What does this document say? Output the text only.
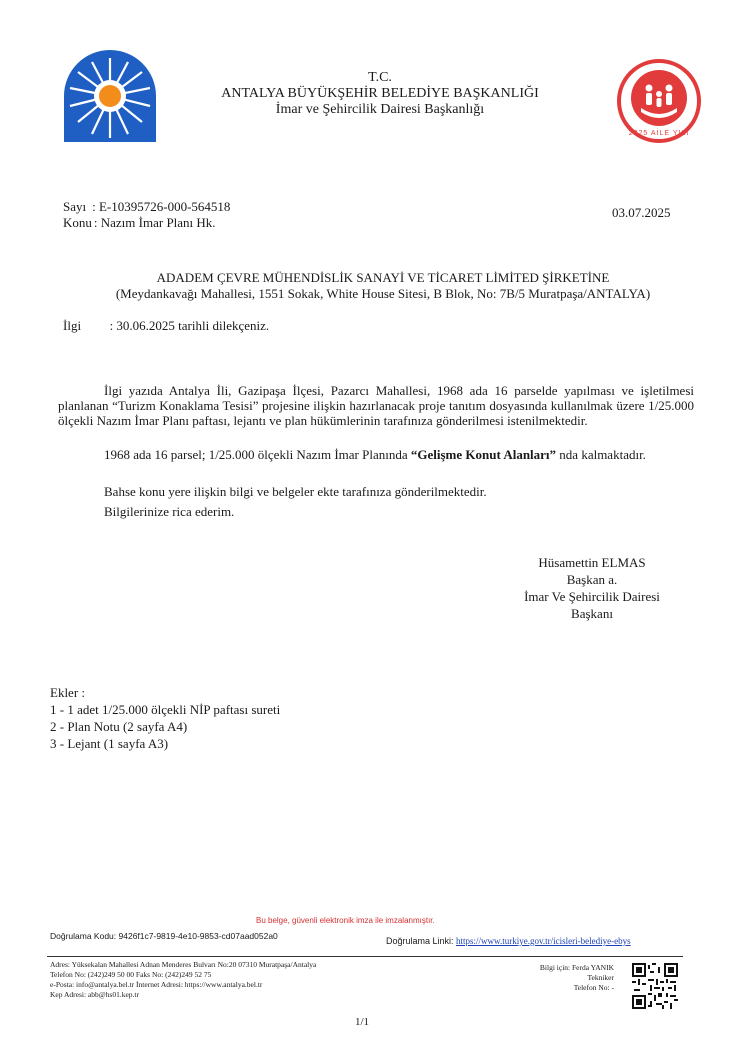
T.C.
ANTALYA BÜYÜKŞEHİR BELEDİYE BAŞKANLIĞI
İmar ve Şehircilik Dairesi Başkanlığı
2025 AİLE YILI
Sayı : E-10395726-000-564518
Konu : Nazım İmar Planı Hk.
03.07.2025
ADADEM ÇEVRE MÜHENDİSLİK SANAYİ VE TİCARET LİMİTED ŞİRKETİNE
(Meydankavağı Mahallesi, 1551 Sokak, White House Sitesi, B Blok, No: 7B/5 Muratpaşa/ANTALYA)
İlgi : 30.06.2025 tarihli dilekçeniz.
İlgi yazıda Antalya İli, Gazipaşa İlçesi, Pazarcı Mahallesi, 1968 ada 16 parselde yapılması ve işletilmesi planlanan “Turizm Konaklama Tesisi” projesine ilişkin hazırlanacak proje tanıtım dosyasında kullanılmak üzere 1/25.000 ölçekli Nazım İmar Planı paftası, lejantı ve plan hükümlerinin tarafınıza gönderilmesi istenilmektedir.
1968 ada 16 parsel; 1/25.000 ölçekli Nazım İmar Planında “Gelişme Konut Alanları” nda kalmaktadır.
Bahse konu yere ilişkin bilgi ve belgeler ekte tarafınıza gönderilmektedir.
Bilgilerinize rica ederim.
Hüsamettin ELMAS
Başkan a.
İmar Ve Şehircilik Dairesi
Başkanı
Ekler :
1 - 1 adet 1/25.000 ölçekli NİP paftası sureti
2 - Plan Notu (2 sayfa A4)
3 - Lejant (1 sayfa A3)
Bu belge, güvenli elektronik imza ile imzalanmıştır.
Doğrulama Kodu: 9426f1c7-9819-4e10-9853-cd07aad052a0	Doğrulama Linki: https://www.turkiye.gov.tr/icisleri-belediye-ebys
Adres: Yüksekalan Mahallesi Adnan Menderes Bulvarı No:20 07310 Muratpaşa/Antalya
Telefon No: (242)249 50 00 Faks No: (242)249 52 75
e-Posta: info@antalya.bel.tr İnternet Adresi: https://www.antalya.bel.tr
Kep Adresi: abb@hs01.kep.tr
Bilgi için: Ferda YANIK
Tekniker
Telefon No: -
1/1
